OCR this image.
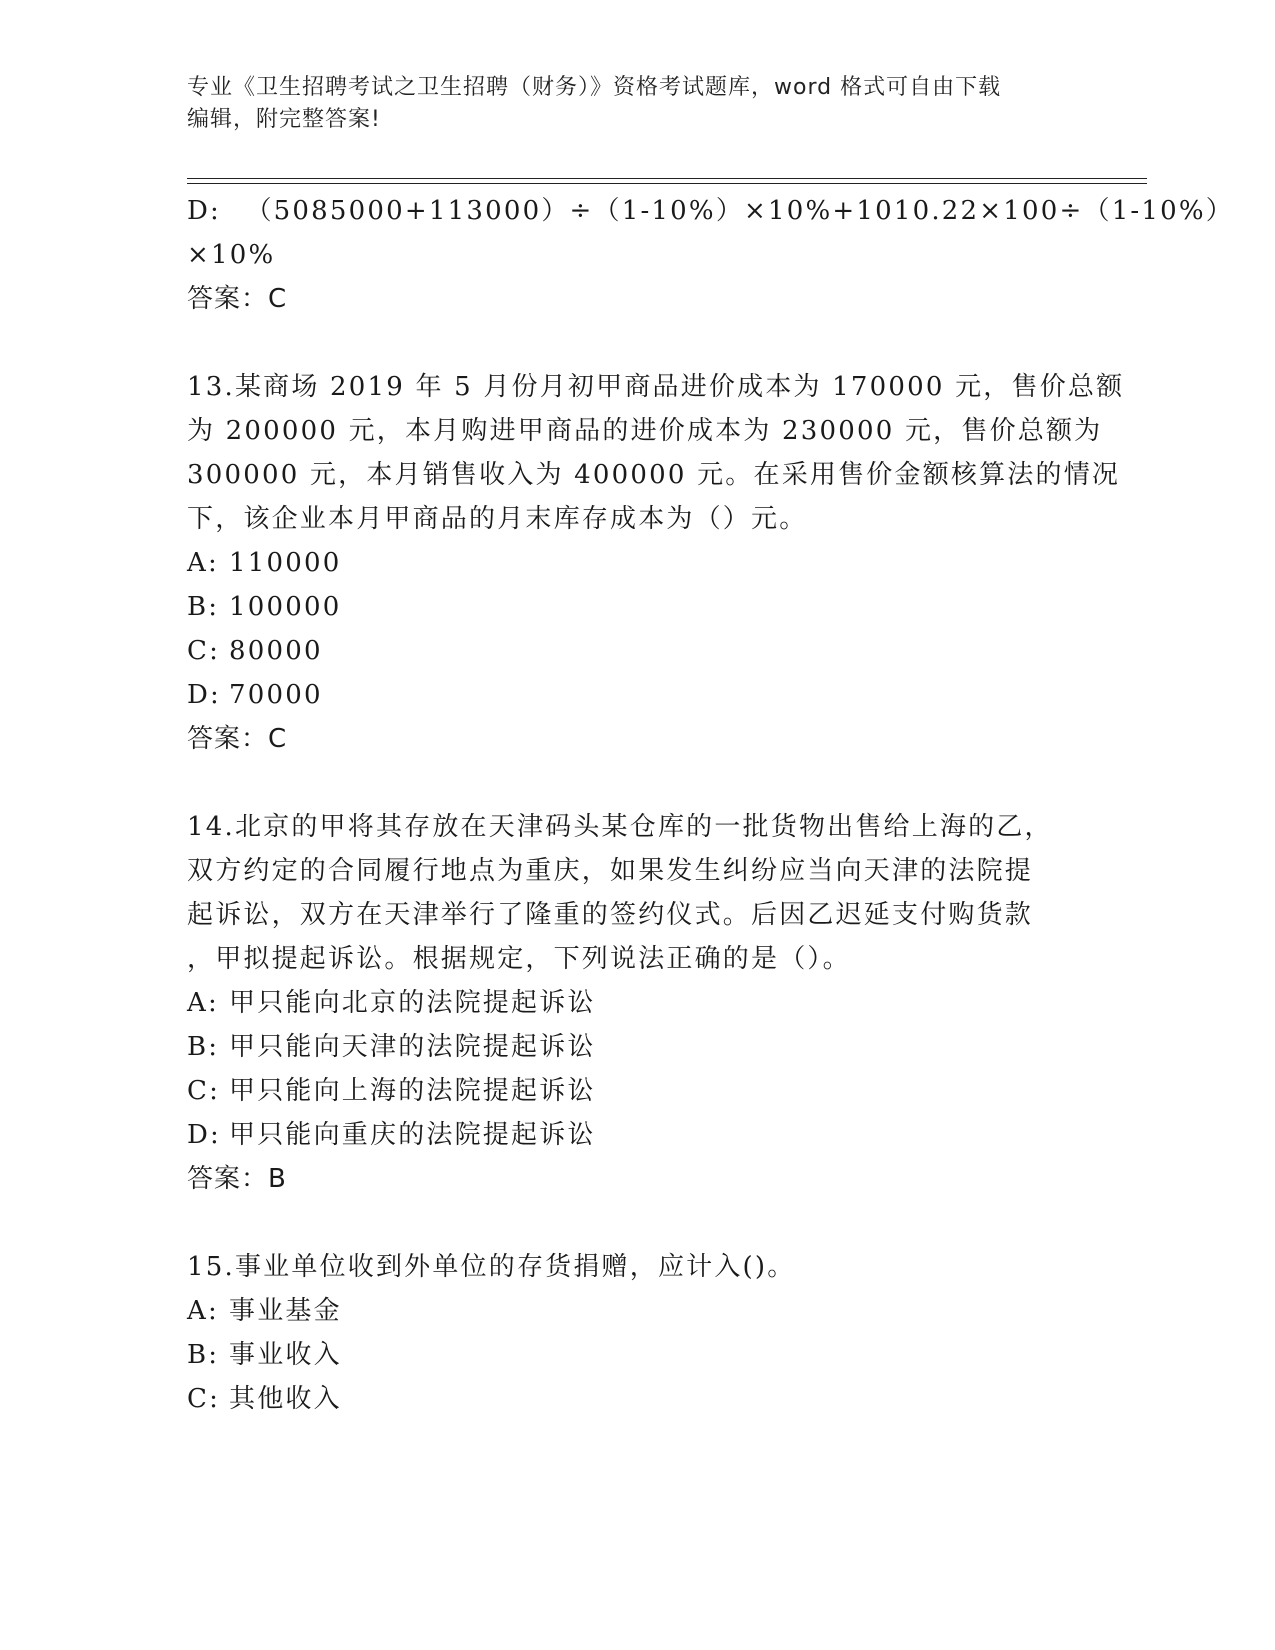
专业《卫生招聘考试之卫生招聘（财务）》资格考试题库，word 格式可自由下载
编辑，附完整答案!
D: （5085000+113000）÷（1-10%）×10%+1010.22×100÷（1-10%）
×10%
答案：C
13.某商场 2019 年 5 月份月初甲商品进价成本为 170000 元，售价总额
为 200000 元，本月购进甲商品的进价成本为 230000 元，售价总额为
300000 元，本月销售收入为 400000 元。在采用售价金额核算法的情况
下，该企业本月甲商品的月末库存成本为（）元。
A: 110000
B: 100000
C: 80000
D: 70000
答案：C
14.北京的甲将其存放在天津码头某仓库的一批货物出售给上海的乙，
双方约定的合同履行地点为重庆，如果发生纠纷应当向天津的法院提
起诉讼，双方在天津举行了隆重的签约仪式。后因乙迟延支付购货款
，甲拟提起诉讼。根据规定，下列说法正确的是（）。
A: 甲只能向北京的法院提起诉讼
B: 甲只能向天津的法院提起诉讼
C: 甲只能向上海的法院提起诉讼
D: 甲只能向重庆的法院提起诉讼
答案：B
15.事业单位收到外单位的存货捐赠，应计入()。
A: 事业基金
B: 事业收入
C: 其他收入
